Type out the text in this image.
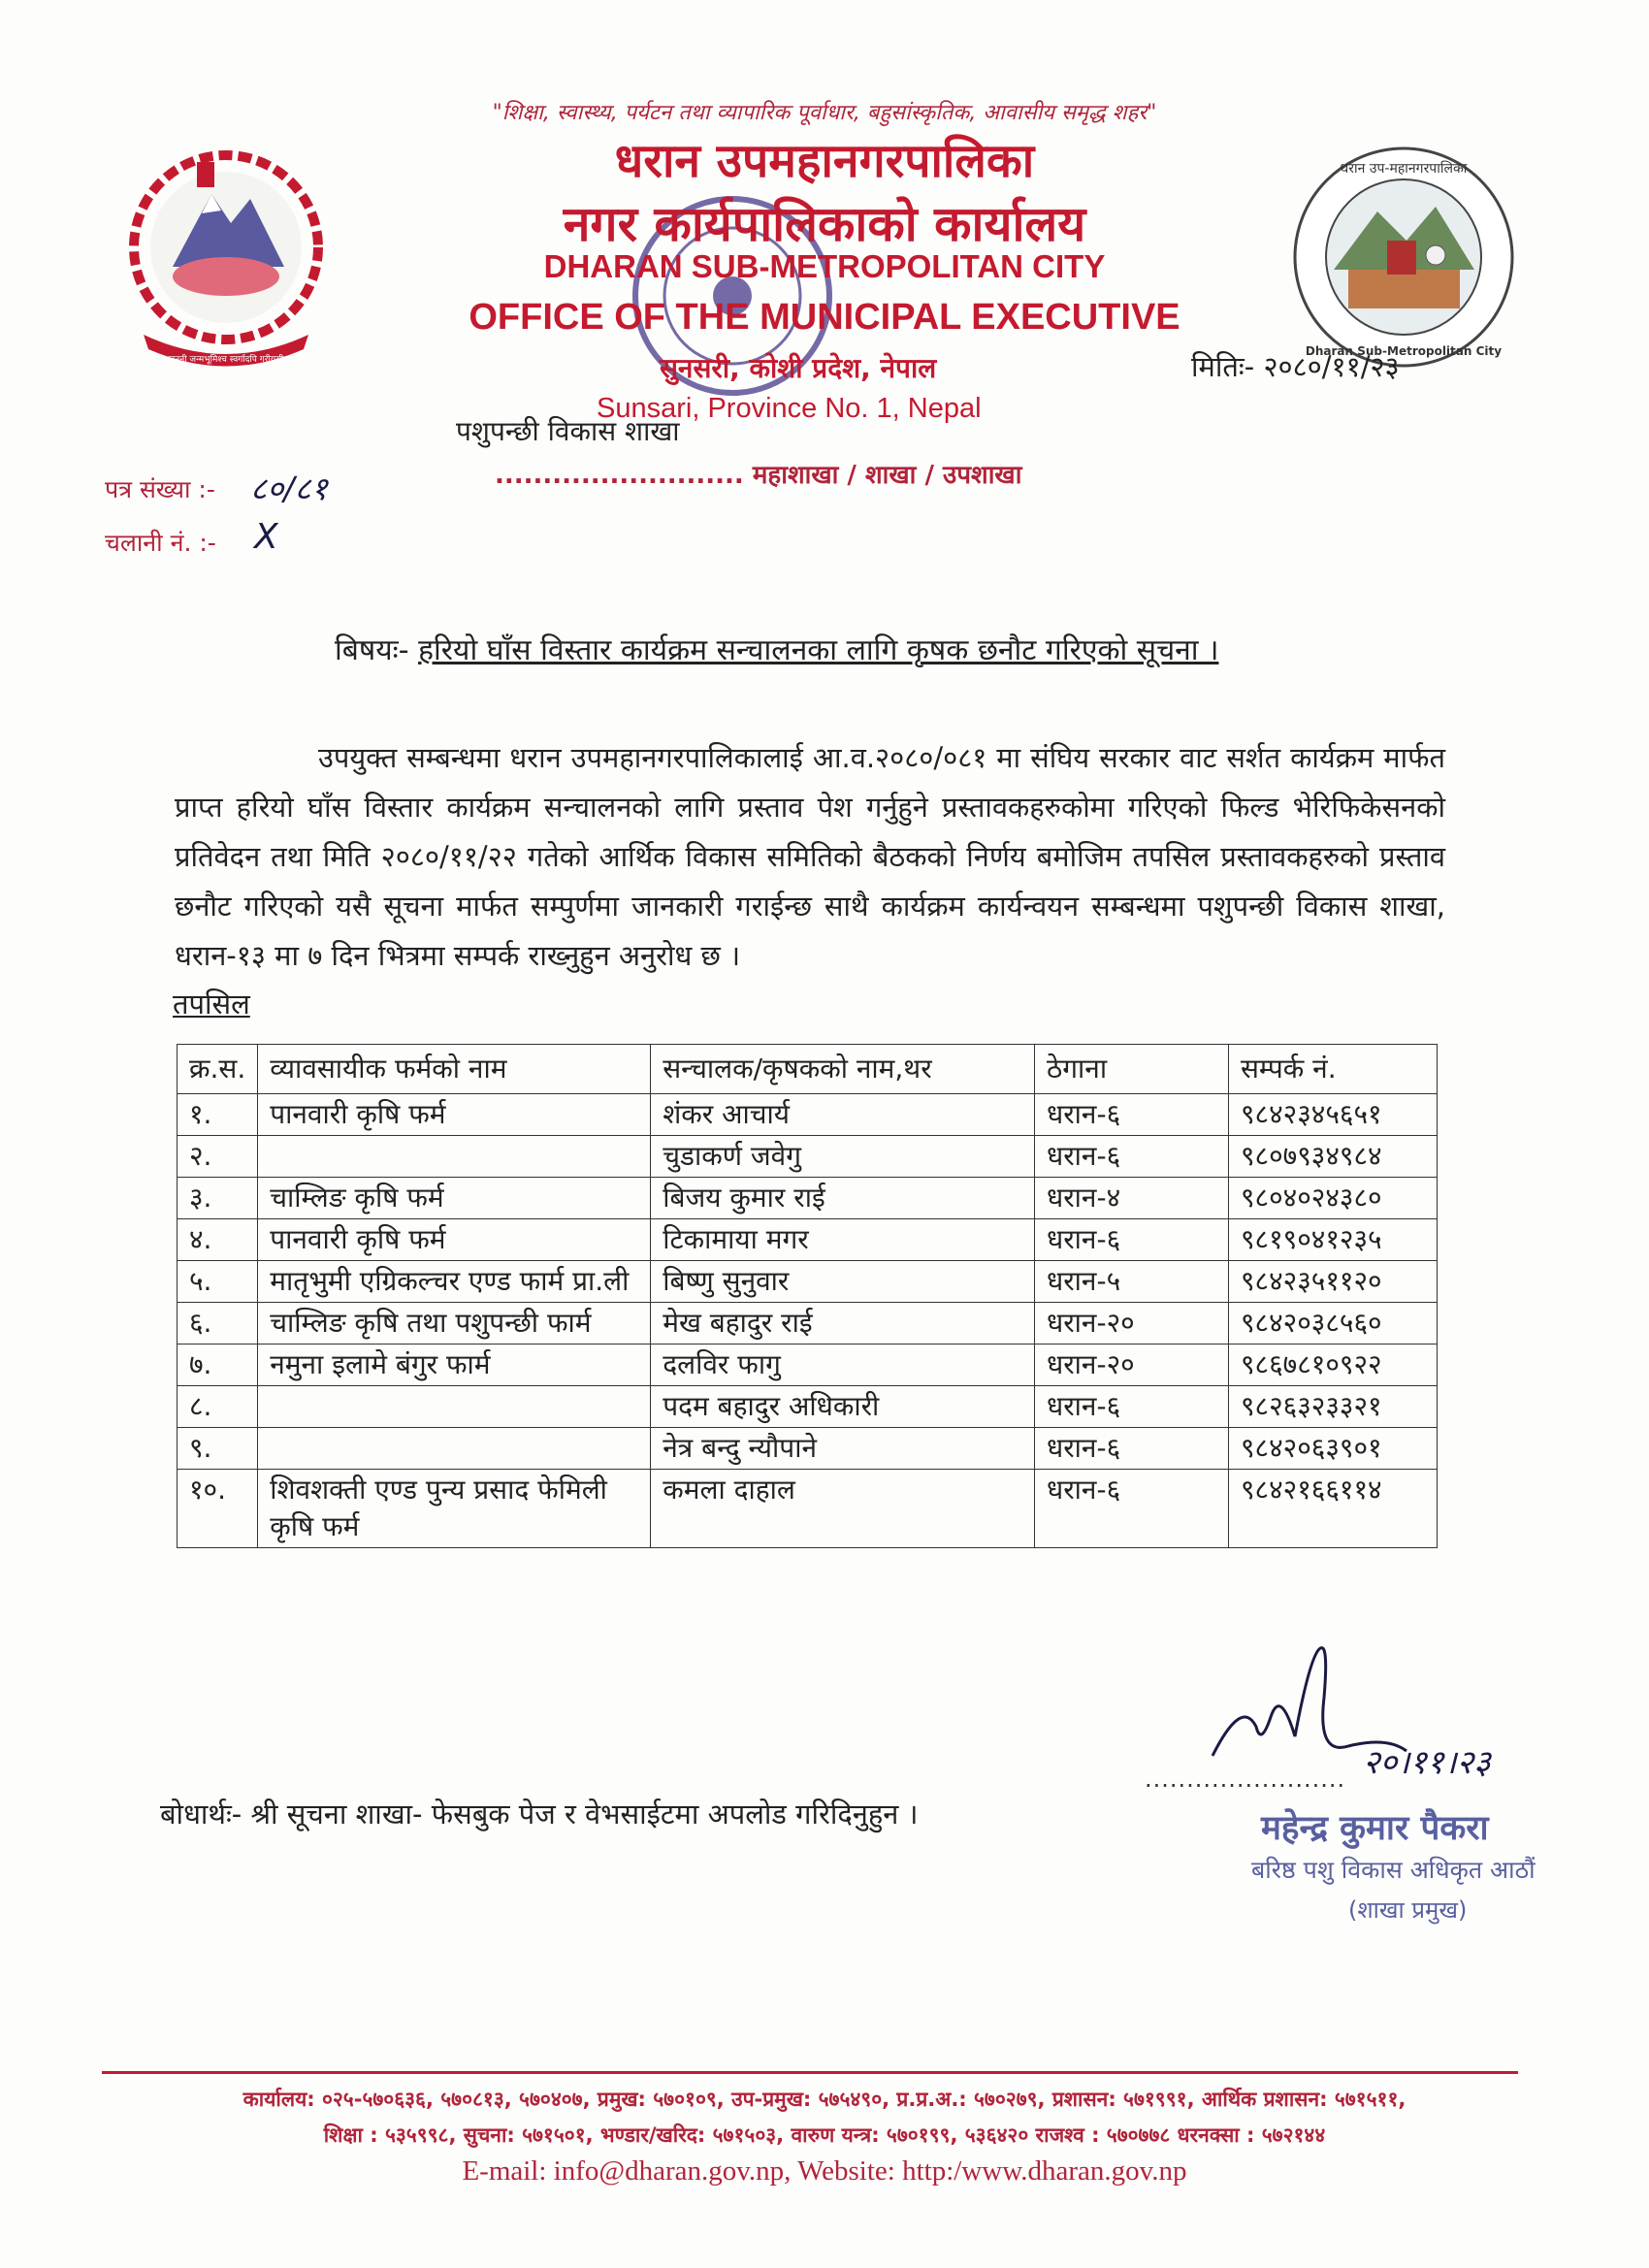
जननी जन्मभूमिश्च स्वर्गादपि गरीयसी
धरान उप-महानगरपालिका
Dharan Sub-Metropolitan City
"शिक्षा, स्वास्थ्य, पर्यटन तथा व्यापारिक पूर्वाधार, बहुसांस्कृतिक, आवासीय समृद्ध शहर"
धरान उपमहानगरपालिका
नगर कार्यपालिकाको कार्यालय
DHARAN SUB-METROPOLITAN CITY
OFFICE OF THE MUNICIPAL EXECUTIVE
सुनसरी, कोशी प्रदेश, नेपाल
Sunsari, Province No. 1, Nepal
मितिः- २०८०/११/२३
पशुपन्छी विकास शाखा
.......................... महाशाखा / शाखा / उपशाखा
पत्र संख्या :- ८०/८१
चलानी नं. :- X
बिषयः- हरियो घाँस विस्तार कार्यक्रम सन्चालनका लागि कृषक छनौट गरिएको सूचना ।
उपयुक्त सम्बन्धमा धरान उपमहानगरपालिकालाई आ.व.२०८०/०८१ मा संघिय सरकार वाट सर्शत कार्यक्रम मार्फत प्राप्त हरियो घाँस विस्तार कार्यक्रम सन्चालनको लागि प्रस्ताव पेश गर्नुहुने प्रस्तावकहरुकोमा गरिएको फिल्ड भेरिफिकेसनको प्रतिवेदन तथा मिति २०८०/११/२२ गतेको आर्थिक विकास समितिको बैठकको निर्णय बमोजिम तपसिल प्रस्तावकहरुको प्रस्ताव छनौट गरिएको यसै सूचना मार्फत सम्पुर्णमा जानकारी गराईन्छ साथै कार्यक्रम कार्यन्वयन सम्बन्धमा पशुपन्छी विकास शाखा, धरान-१३ मा ७ दिन भित्रमा सम्पर्क राख्नुहुन अनुरोध छ ।
तपसिल
क्र.स.	व्यावसायीक फर्मको नाम	सन्चालक/कृषकको नाम,थर	ठेगाना	सम्पर्क नं.
१.	पानवारी कृषि फर्म	शंकर आचार्य	धरान-६	९८४२३४५६५१
२.		चुडाकर्ण जवेगु	धरान-६	९८०७९३४९८४
३.	चाम्लिङ कृषि फर्म	बिजय कुमार राई	धरान-४	९८०४०२४३८०
४.	पानवारी कृषि फर्म	टिकामाया मगर	धरान-६	९८१९०४१२३५
५.	मातृभुमी एग्रिकल्चर एण्ड फार्म प्रा.ली	बिष्णु सुनुवार	धरान-५	९८४२३५११२०
६.	चाम्लिङ कृषि तथा पशुपन्छी फार्म	मेख बहादुर राई	धरान-२०	९८४२०३८५६०
७.	नमुना इलामे बंगुर फार्म	दलविर फागु	धरान-२०	९८६७८१०९२२
८.		पदम बहादुर अधिकारी	धरान-६	९८२६३२३३२१
९.		नेत्र बन्दु न्यौपाने	धरान-६	९८४२०६३९०१
१०.	शिवशक्ती एण्ड पुन्य प्रसाद फेमिली कृषि फर्म	कमला दाहाल	धरान-६	९८४२१६६११४
बोधार्थः- श्री सूचना शाखा- फेसबुक पेज र वेभसाईटमा अपलोड गरिदिनुहुन ।
........................ २०।११।२३
महेन्द्र कुमार पैकरा
बरिष्ठ पशु विकास अधिकृत आठौं
(शाखा प्रमुख)
कार्यालय: ०२५-५७०६३६, ५७०८१३, ५७०४०७, प्रमुख: ५७०१०९, उप-प्रमुख: ५७५४९०, प्र.प्र.अ.: ५७०२७९, प्रशासन: ५७१९९१, आर्थिक प्रशासन: ५७१५११,
शिक्षा : ५३५९९८, सुचना: ५७१५०१, भण्डार/खरिद: ५७१५०३, वारुण यन्त्र: ५७०१९९, ५३६४२० राजश्व : ५७०७७८ धरनक्सा : ५७२१४४
E-mail: info@dharan.gov.np, Website: http:/www.dharan.gov.np
